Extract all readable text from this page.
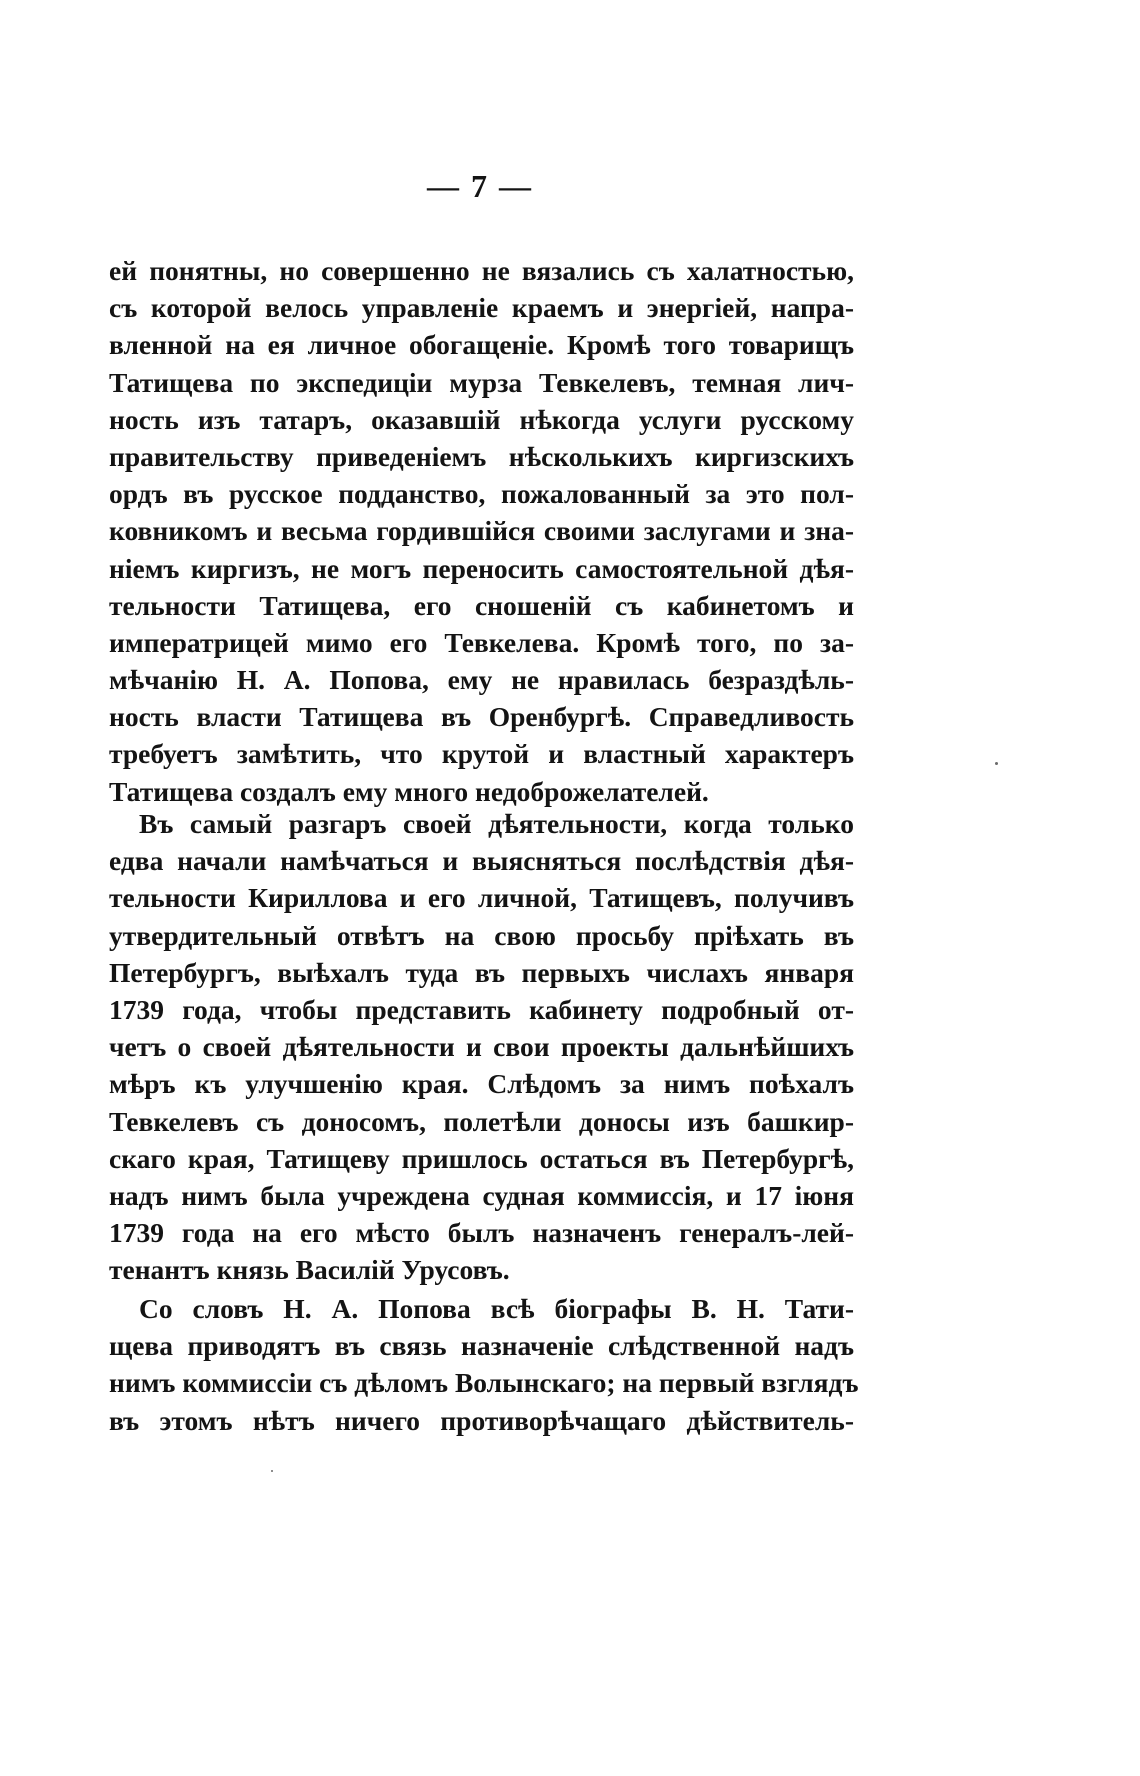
— 7 —
ей понятны, но совершенно не вязались съ халатностью,
съ которой велось управленіе краемъ и энергіей, напра-
вленной на ея личное обогащеніе. Кромѣ того товарищъ
Татищева по экспедиціи мурза Тевкелевъ, темная лич-
ность изъ татаръ, оказавшій нѣкогда услуги русскому
правительству приведеніемъ нѣсколькихъ киргизскихъ
ордъ въ русское подданство, пожалованный за это пол-
ковникомъ и весьма гордившійся своими заслугами и зна-
ніемъ киргизъ, не могъ переносить самостоятельной дѣя-
тельности Татищева, его сношеній съ кабинетомъ и
императрицей мимо его Тевкелева. Кромѣ того, по за-
мѣчанію Н. А. Попова, ему не нравилась безраздѣль-
ность власти Татищева въ Оренбургѣ. Справедливость
требуетъ замѣтить, что крутой и властный характеръ
Татищева создалъ ему много недоброжелателей.
Въ самый разгаръ своей дѣятельности, когда только
едва начали намѣчаться и выясняться послѣдствія дѣя-
тельности Кириллова и его личной, Татищевъ, получивъ
утвердительный отвѣтъ на свою просьбу пріѣхать въ
Петербургъ, выѣхалъ туда въ первыхъ числахъ января
1739 года, чтобы представить кабинету подробный от-
четъ о своей дѣятельности и свои проекты дальнѣйшихъ
мѣръ къ улучшенію края. Слѣдомъ за нимъ поѣхалъ
Тевкелевъ съ доносомъ, полетѣли доносы изъ башкир-
скаго края, Татищеву пришлось остаться въ Петербургѣ,
надъ нимъ была учреждена судная коммиссія, и 17 іюня
1739 года на его мѣсто былъ назначенъ генералъ-лей-
тенантъ князь Василій Урусовъ.
Со словъ Н. А. Попова всѣ біографы В. Н. Тати-
щева приводятъ въ связь назначеніе слѣдственной надъ
нимъ коммиссіи съ дѣломъ Волынскаго; на первый взглядъ
въ этомъ нѣтъ ничего противорѣчащаго дѣйствитель-
